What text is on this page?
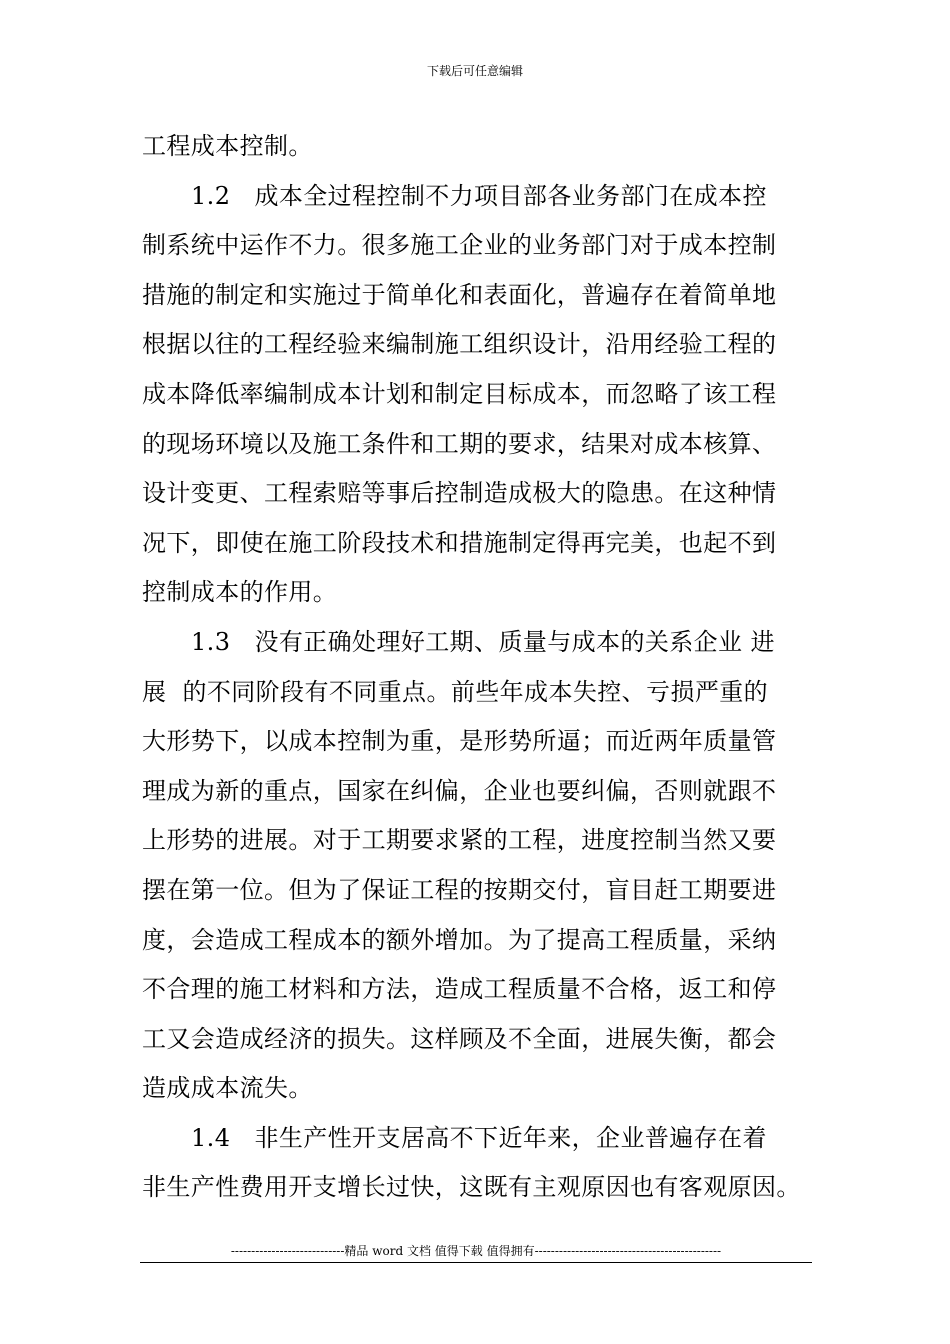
下载后可任意编辑
工程成本控制。
1.2   成本全过程控制不力项目部各业务部门在成本控
制系统中运作不力。很多施工企业的业务部门对于成本控制
措施的制定和实施过于简单化和表面化，普遍存在着简单地
根据以往的工程经验来编制施工组织设计，沿用经验工程的
成本降低率编制成本计划和制定目标成本，而忽略了该工程
的现场环境以及施工条件和工期的要求，结果对成本核算、
设计变更、工程索赔等事后控制造成极大的隐患。在这种情
况下，即使在施工阶段技术和措施制定得再完美，也起不到
控制成本的作用。
1.3   没有正确处理好工期、质量与成本的关系企业 进
展  的不同阶段有不同重点。前些年成本失控、亏损严重的
大形势下，以成本控制为重，是形势所逼；而近两年质量管
理成为新的重点，国家在纠偏，企业也要纠偏，否则就跟不
上形势的进展。对于工期要求紧的工程，进度控制当然又要
摆在第一位。但为了保证工程的按期交付，盲目赶工期要进
度，会造成工程成本的额外增加。为了提高工程质量，采纳
不合理的施工材料和方法，造成工程质量不合格，返工和停
工又会造成经济的损失。这样顾及不全面，进展失衡，都会
造成成本流失。
1.4   非生产性开支居高不下近年来，企业普遍存在着
非生产性费用开支增长过快，这既有主观原因也有客观原因。
----------------------------精品 word 文档 值得下载 值得拥有----------------------------------------------
